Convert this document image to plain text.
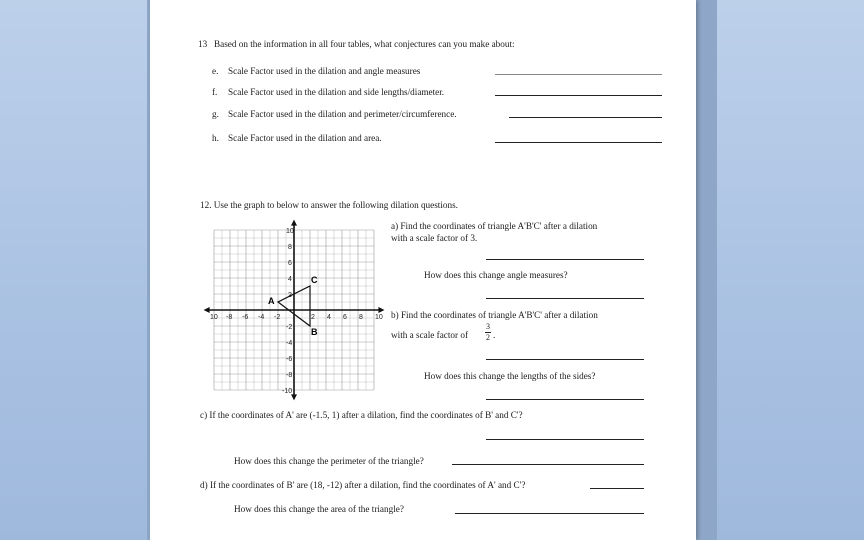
13 Based on the information in all four tables, what conjectures can you make about:
e. Scale Factor used in the dilation and angle measures
f. Scale Factor used in the dilation and side lengths/diameter.
g. Scale Factor used in the dilation and perimeter/circumference.
h. Scale Factor used in the dilation and area.
12. Use the graph to below to answer the following dilation questions.
10 -8 -6 -4 -2	2 4 6 8 10
10
8
6
4
2
-2
-4
-6
-8
-10
A
B
C
a) Find the coordinates of triangle A'B'C' after a dilation
with a scale factor of 3.
How does this change angle measures?
b) Find the coordinates of triangle A'B'C' after a dilation
with a scale factor of
3
2 .
How does this change the lengths of the sides?
c) If the coordinates of A' are (-1.5, 1) after a dilation, find the coordinates of B' and C'?
How does this change the perimeter of the triangle?
d) If the coordinates of B' are (18, -12) after a dilation, find the coordinates of A' and C'?
How does this change the area of the triangle?
